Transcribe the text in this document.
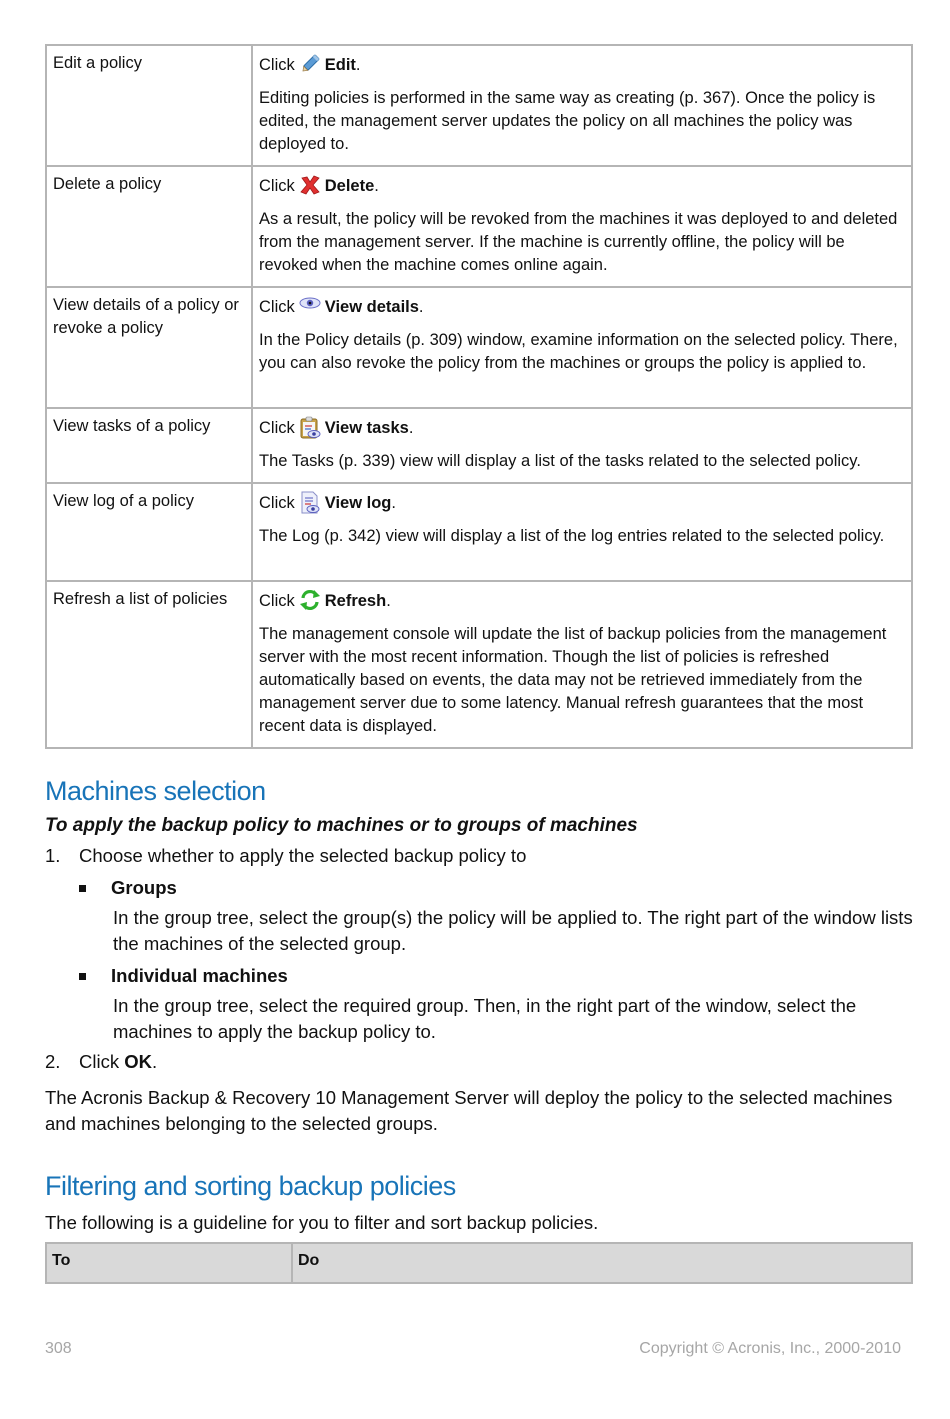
Edit a policy	Click Edit .
Editing policies is performed in the same way as creating (p. 367). Once the policy is edited, the management server updates the policy on all machines the policy was deployed to.

Delete a policy	Click Delete .
As a result, the policy will be revoked from the machines it was deployed to and deleted from the management server. If the machine is currently offline, the policy will be revoked when the machine comes online again.

View details of a policy or revoke a policy	Click View details .
In the Policy details (p. 309) window, examine information on the selected policy. There, you can also revoke the policy from the machines or groups the policy is applied to.

View tasks of a policy	Click View tasks .
The Tasks (p. 339) view will display a list of the tasks related to the selected policy.

View log of a policy	Click View log .
The Log (p. 342) view will display a list of the log entries related to the selected policy.

Refresh a list of policies	Click Refresh .
The management console will update the list of backup policies from the management server with the most recent information. Though the list of policies is refreshed automatically based on events, the data may not be retrieved immediately from the management server due to some latency. Manual refresh guarantees that the most recent data is displayed.
Machines selection
To apply the backup policy to machines or to groups of machines
1.	Choose whether to apply the selected backup policy to
Groups
In the group tree, select the group(s) the policy will be applied to. The right part of the window lists the machines of the selected group.
Individual machines
In the group tree, select the required group. Then, in the right part of the window, select the machines to apply the backup policy to.
2.	Click OK.
The Acronis Backup & Recovery 10 Management Server will deploy the policy to the selected machines and machines belonging to the selected groups.
Filtering and sorting backup policies
The following is a guideline for you to filter and sort backup policies.
To	Do
308	Copyright © Acronis, Inc., 2000-2010
